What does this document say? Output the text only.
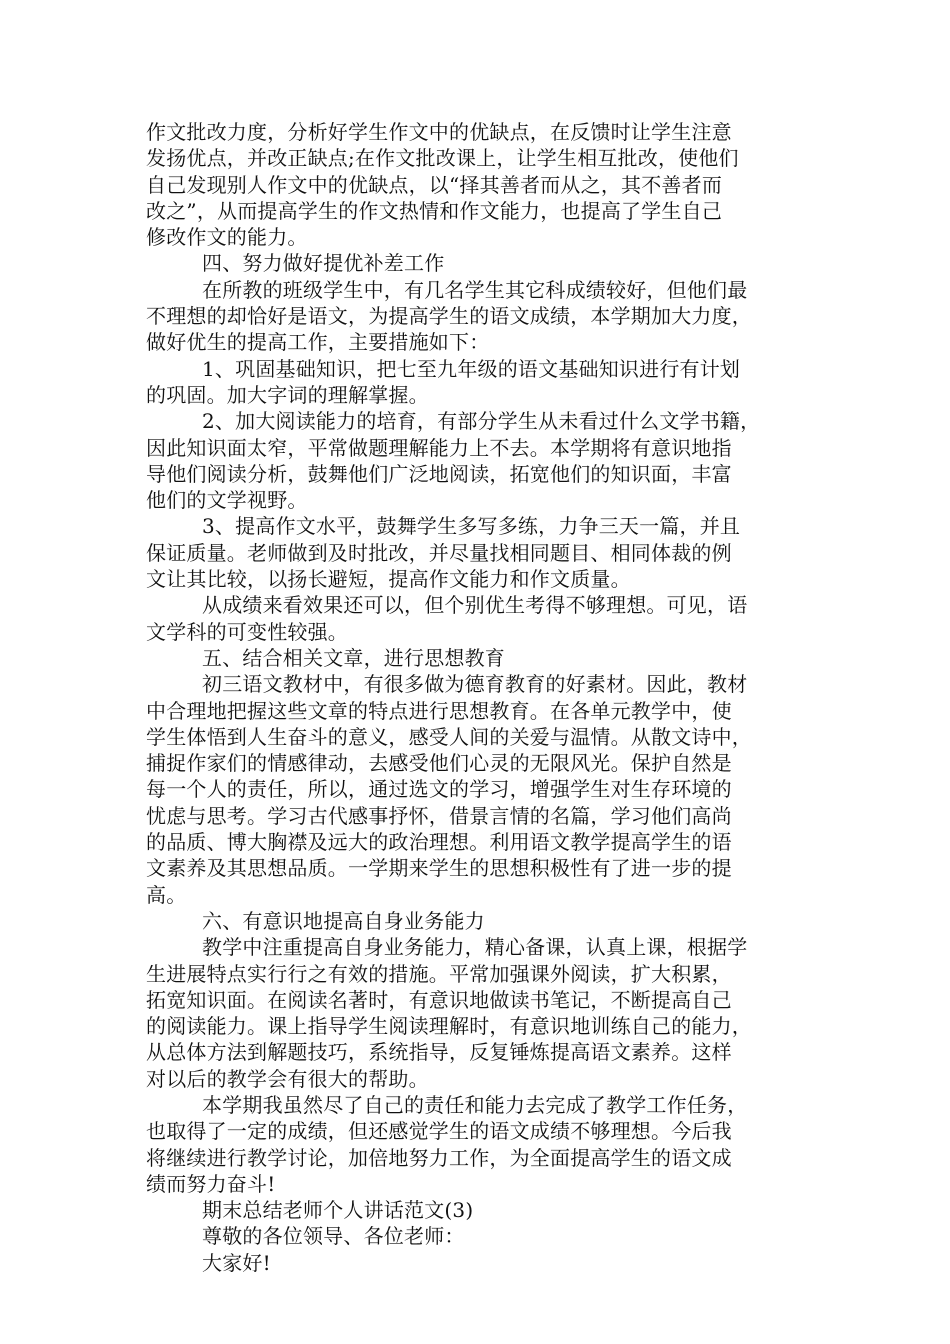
作文批改力度，分析好学生作文中的优缺点，在反馈时让学生注意
发扬优点，并改正缺点;在作文批改课上，让学生相互批改，使他们
自己发现别人作文中的优缺点，以“择其善者而从之，其不善者而
改之”，从而提高学生的作文热情和作文能力，也提高了学生自己
修改作文的能力。
四、努力做好提优补差工作
在所教的班级学生中，有几名学生其它科成绩较好，但他们最
不理想的却恰好是语文，为提高学生的语文成绩，本学期加大力度，
做好优生的提高工作，主要措施如下：
1、巩固基础知识，把七至九年级的语文基础知识进行有计划
的巩固。加大字词的理解掌握。
2、加大阅读能力的培育，有部分学生从未看过什么文学书籍，
因此知识面太窄，平常做题理解能力上不去。本学期将有意识地指
导他们阅读分析，鼓舞他们广泛地阅读，拓宽他们的知识面，丰富
他们的文学视野。
3、提高作文水平，鼓舞学生多写多练，力争三天一篇，并且
保证质量。老师做到及时批改，并尽量找相同题目、相同体裁的例
文让其比较，以扬长避短，提高作文能力和作文质量。
从成绩来看效果还可以，但个别优生考得不够理想。可见，语
文学科的可变性较强。
五、结合相关文章，进行思想教育
初三语文教材中，有很多做为德育教育的好素材。因此，教材
中合理地把握这些文章的特点进行思想教育。在各单元教学中，使
学生体悟到人生奋斗的意义，感受人间的关爱与温情。从散文诗中，
捕捉作家们的情感律动，去感受他们心灵的无限风光。保护自然是
每一个人的责任，所以，通过选文的学习，增强学生对生存环境的
忧虑与思考。学习古代感事抒怀，借景言情的名篇，学习他们高尚
的品质、博大胸襟及远大的政治理想。利用语文教学提高学生的语
文素养及其思想品质。一学期来学生的思想积极性有了进一步的提
高。
六、有意识地提高自身业务能力
教学中注重提高自身业务能力，精心备课，认真上课，根据学
生进展特点实行行之有效的措施。平常加强课外阅读，扩大积累，
拓宽知识面。在阅读名著时，有意识地做读书笔记，不断提高自己
的阅读能力。课上指导学生阅读理解时，有意识地训练自己的能力，
从总体方法到解题技巧，系统指导，反复锤炼提高语文素养。这样
对以后的教学会有很大的帮助。
本学期我虽然尽了自己的责任和能力去完成了教学工作任务，
也取得了一定的成绩，但还感觉学生的语文成绩不够理想。今后我
将继续进行教学讨论，加倍地努力工作，为全面提高学生的语文成
绩而努力奋斗!
期末总结老师个人讲话范文(3)
尊敬的各位领导、各位老师：
大家好!
